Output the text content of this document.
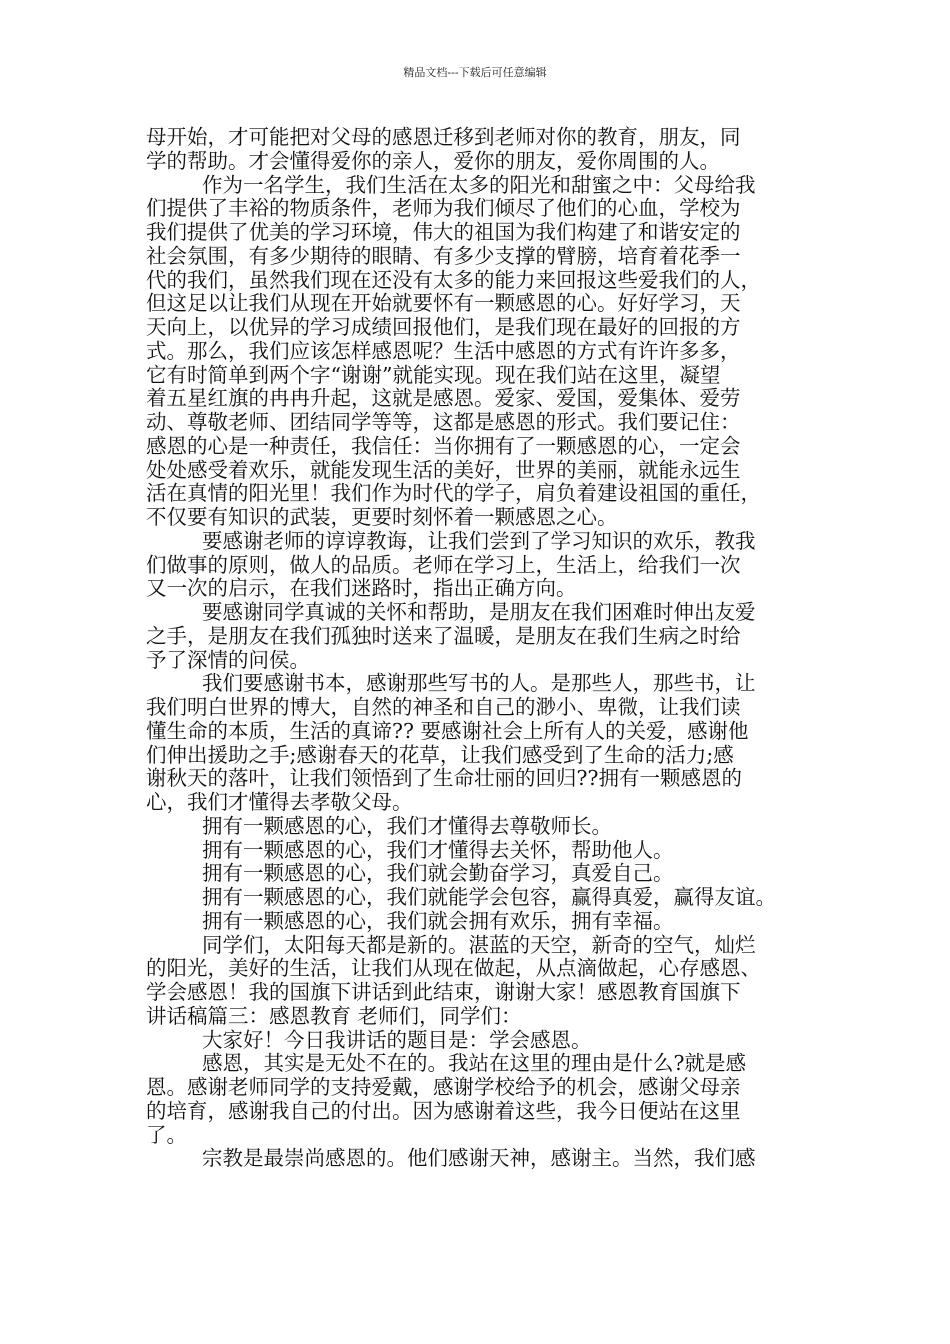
精品文档---下载后可任意编辑
母开始，才可能把对父母的感恩迁移到老师对你的教育，朋友，同
学的帮助。才会懂得爱你的亲人，爱你的朋友，爱你周围的人。
作为一名学生，我们生活在太多的阳光和甜蜜之中：父母给我
们提供了丰裕的物质条件，老师为我们倾尽了他们的心血，学校为
我们提供了优美的学习环境，伟大的祖国为我们构建了和谐安定的
社会氛围，有多少期待的眼睛、有多少支撑的臂膀，培育着花季一
代的我们，虽然我们现在还没有太多的能力来回报这些爱我们的人，
但这足以让我们从现在开始就要怀有一颗感恩的心。好好学习，天
天向上，以优异的学习成绩回报他们，是我们现在最好的回报的方
式。那么，我们应该怎样感恩呢？生活中感恩的方式有许许多多，
它有时简单到两个字“谢谢”就能实现。现在我们站在这里，凝望
着五星红旗的冉冉升起，这就是感恩。爱家、爱国，爱集体、爱劳
动、尊敬老师、团结同学等等，这都是感恩的形式。我们要记住：
感恩的心是一种责任，我信任：当你拥有了一颗感恩的心，一定会
处处感受着欢乐，就能发现生活的美好，世界的美丽，就能永远生
活在真情的阳光里！我们作为时代的学子，肩负着建设祖国的重任，
不仅要有知识的武装，更要时刻怀着一颗感恩之心。
要感谢老师的谆谆教诲，让我们尝到了学习知识的欢乐，教我
们做事的原则，做人的品质。老师在学习上，生活上，给我们一次
又一次的启示，在我们迷路时，指出正确方向。
要感谢同学真诚的关怀和帮助，是朋友在我们困难时伸出友爱
之手，是朋友在我们孤独时送来了温暖，是朋友在我们生病之时给
予了深情的问侯。
我们要感谢书本，感谢那些写书的人。是那些人，那些书，让
我们明白世界的博大，自然的神圣和自己的渺小、卑微，让我们读
懂生命的本质，生活的真谛?? 要感谢社会上所有人的关爱，感谢他
们伸出援助之手;感谢春天的花草，让我们感受到了生命的活力;感
谢秋天的落叶，让我们领悟到了生命壮丽的回归??拥有一颗感恩的
心，我们才懂得去孝敬父母。
拥有一颗感恩的心，我们才懂得去尊敬师长。
拥有一颗感恩的心，我们才懂得去关怀，帮助他人。
拥有一颗感恩的心，我们就会勤奋学习，真爱自己。
拥有一颗感恩的心，我们就能学会包容，赢得真爱，赢得友谊。
拥有一颗感恩的心，我们就会拥有欢乐，拥有幸福。
同学们，太阳每天都是新的。湛蓝的天空，新奇的空气，灿烂
的阳光，美好的生活，让我们从现在做起，从点滴做起，心存感恩、
学会感恩！我的国旗下讲话到此结束，谢谢大家！感恩教育国旗下
讲话稿篇三：感恩教育 老师们，同学们：
大家好！今日我讲话的题目是：学会感恩。
感恩，其实是无处不在的。我站在这里的理由是什么?就是感
恩。感谢老师同学的支持爱戴，感谢学校给予的机会，感谢父母亲
的培育，感谢我自己的付出。因为感谢着这些，我今日便站在这里
了。
宗教是最崇尚感恩的。他们感谢天神，感谢主。当然，我们感
